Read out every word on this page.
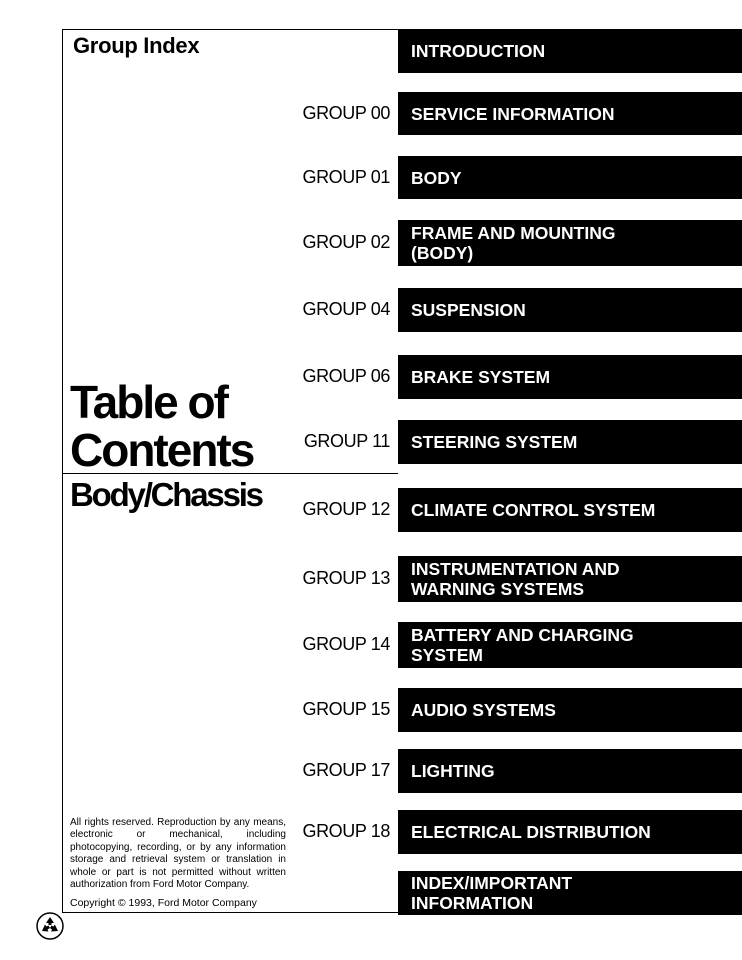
Group Index
Table of
Contents
Body/Chassis
All rights reserved. Reproduction by any means, electronic or mechanical, including photocopying, recording, or by any information storage and retrieval system or translation in whole or part is not permitted without written authorization from Ford Motor Company.
Copyright © 1993, Ford Motor Company
INTRODUCTION
GROUP 00	SERVICE INFORMATION
GROUP 01	BODY
GROUP 02	FRAME AND MOUNTING
(BODY)
GROUP 04	SUSPENSION
GROUP 06	BRAKE SYSTEM
GROUP 11	STEERING SYSTEM
GROUP 12	CLIMATE CONTROL SYSTEM
GROUP 13	INSTRUMENTATION AND
WARNING SYSTEMS
GROUP 14	BATTERY AND CHARGING
SYSTEM
GROUP 15	AUDIO SYSTEMS
GROUP 17	LIGHTING
GROUP 18	ELECTRICAL DISTRIBUTION
INDEX/IMPORTANT
INFORMATION
